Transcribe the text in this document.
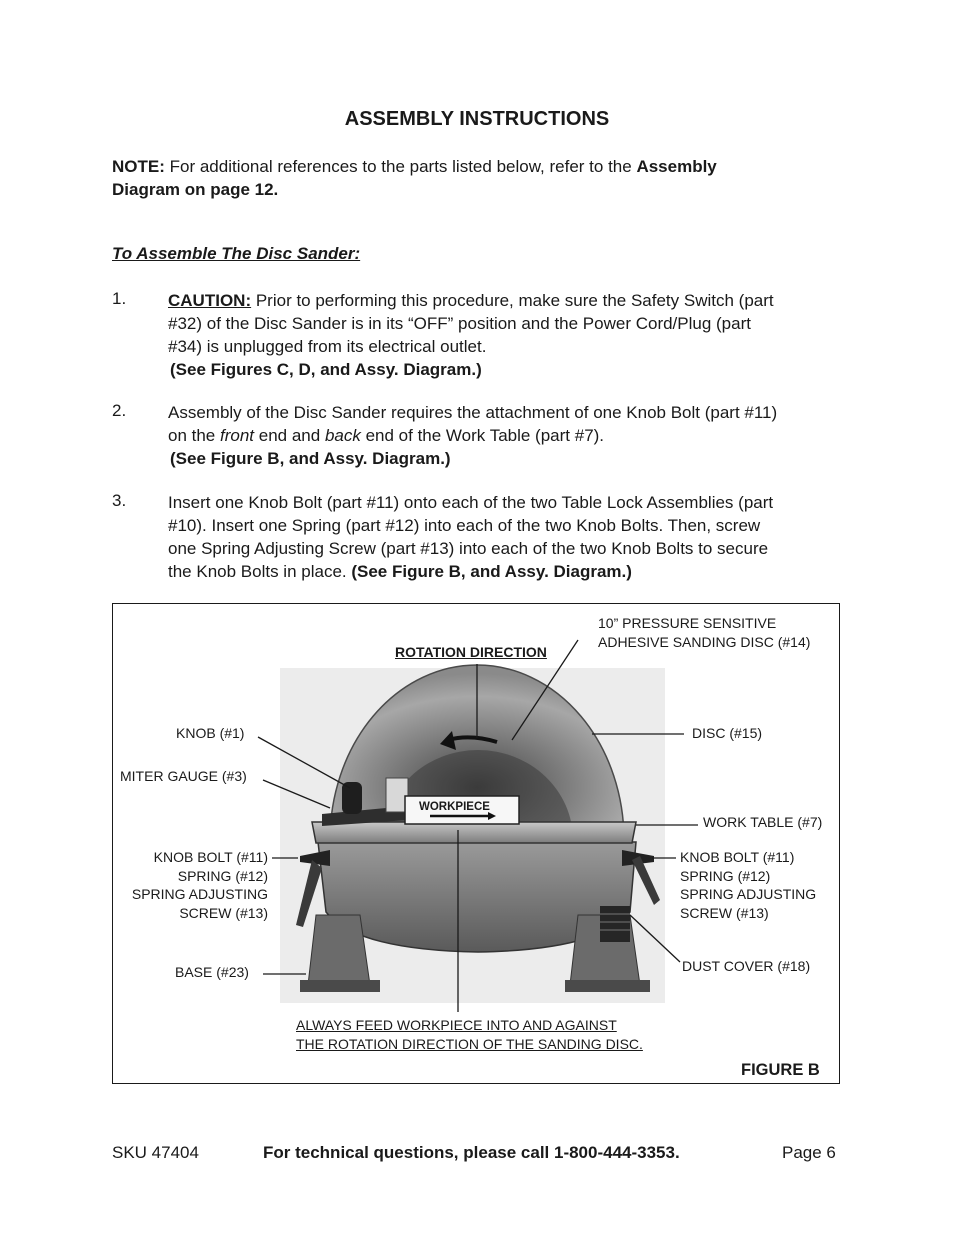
ASSEMBLY INSTRUCTIONS
NOTE: For additional references to the parts listed below, refer to the Assembly
Diagram on page 12.
To Assemble The Disc Sander:
1. CAUTION: Prior to performing this procedure, make sure the Safety Switch (part
#32) of the Disc Sander is in its “OFF” position and the Power Cord/Plug (part
#34) is unplugged from its electrical outlet.
(See Figures C, D, and Assy. Diagram.)
2. Assembly of the Disc Sander requires the attachment of one Knob Bolt (part #11)
on the front end and back end of the Work Table (part #7).
(See Figure B, and Assy. Diagram.)
3. Insert one Knob Bolt (part #11) onto each of the two Table Lock Assemblies (part
#10). Insert one Spring (part #12) into each of the two Knob Bolts. Then, screw
one Spring Adjusting Screw (part #13) into each of the two Knob Bolts to secure
the Knob Bolts in place. (See Figure B, and Assy. Diagram.)
ROTATION DIRECTION
10” PRESSURE SENSITIVE
ADHESIVE SANDING DISC (#14)
KNOB (#1)	DISC (#15)
MITER GAUGE (#3)
WORKPIECE
WORK TABLE (#7)
KNOB BOLT (#11)
SPRING (#12)
SPRING ADJUSTING
SCREW (#13)
KNOB BOLT (#11)
SPRING (#12)
SPRING ADJUSTING
SCREW (#13)
BASE (#23)	DUST COVER (#18)
ALWAYS FEED WORKPIECE INTO AND AGAINST
THE ROTATION DIRECTION OF THE SANDING DISC.
FIGURE B
SKU 47404	For technical questions, please call 1-800-444-3353.	Page 6
